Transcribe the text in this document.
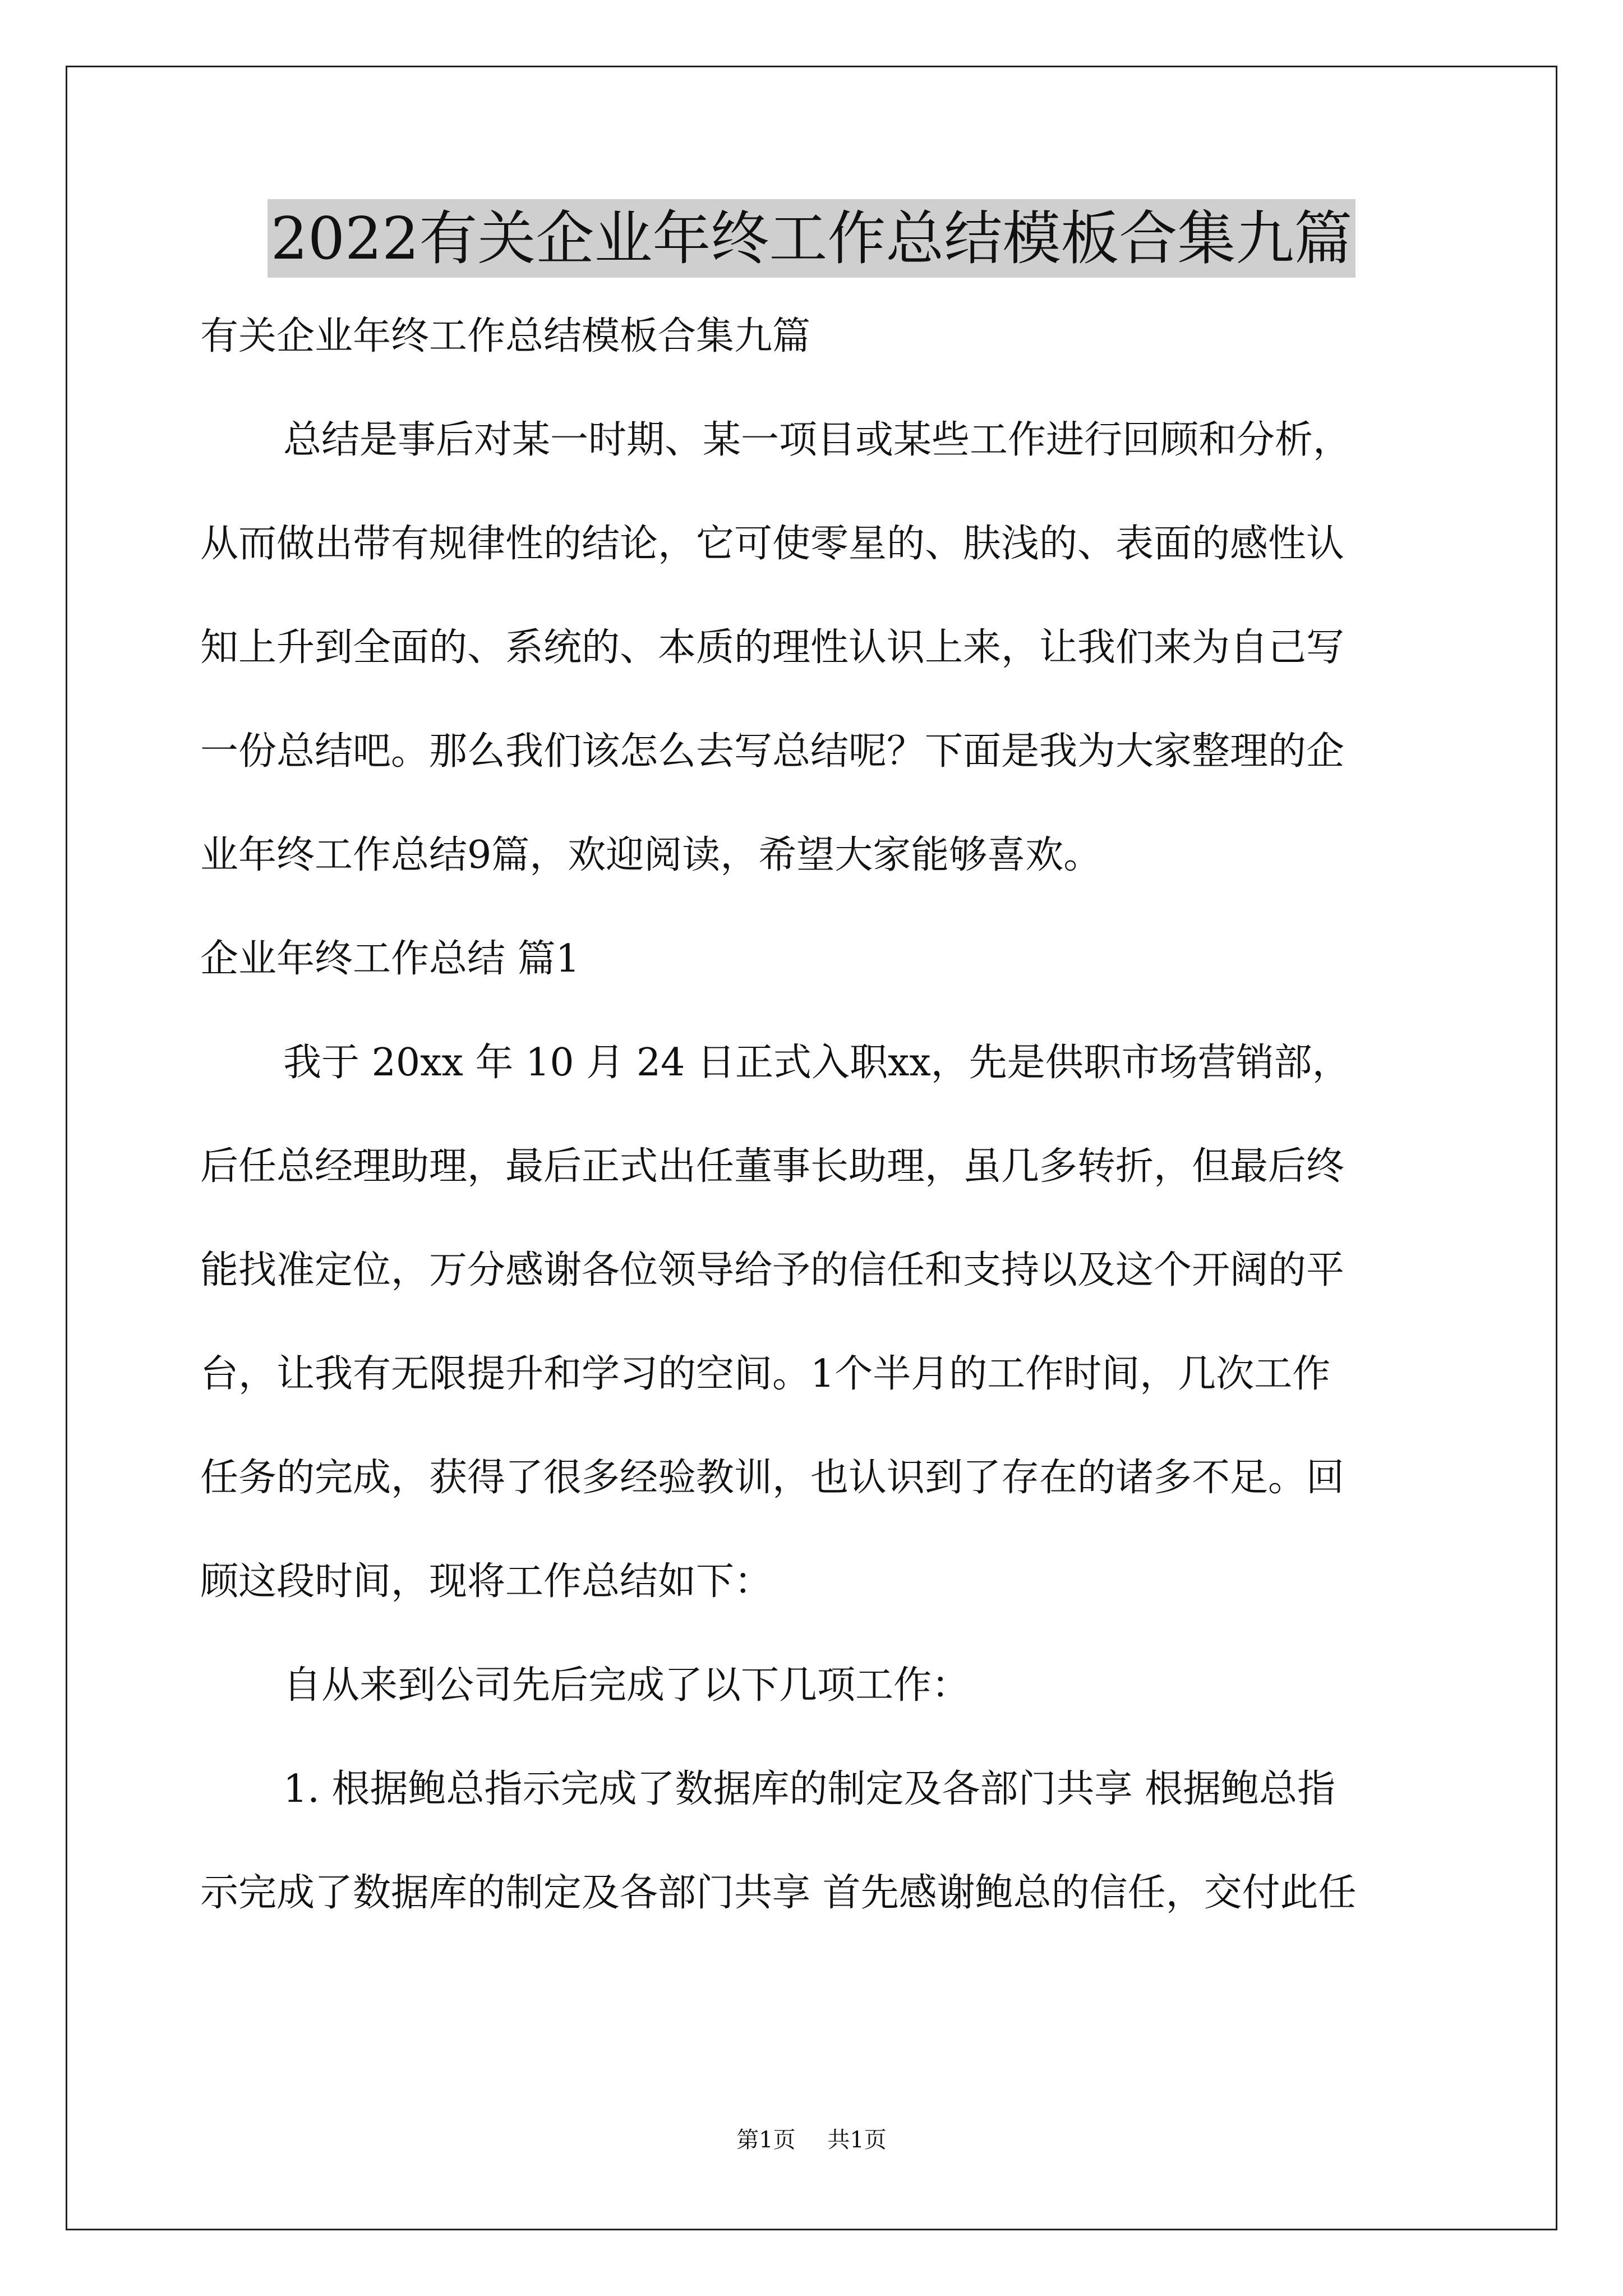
2022有关企业年终工作总结模板合集九篇
有关企业年终工作总结模板合集九篇
总结是事后对某一时期、某一项目或某些工作进行回顾和分析，
从而做出带有规律性的结论，它可使零星的、肤浅的、表面的感性认
知上升到全面的、系统的、本质的理性认识上来，让我们来为自己写
一份总结吧。那么我们该怎么去写总结呢？下面是我为大家整理的企
业年终工作总结9篇，欢迎阅读，希望大家能够喜欢。
企业年终工作总结 篇1
我于 20xx 年 10 月 24 日正式入职xx，先是供职市场营销部，
后任总经理助理，最后正式出任董事长助理，虽几多转折，但最后终
能找准定位，万分感谢各位领导给予的信任和支持以及这个开阔的平
台，让我有无限提升和学习的空间。1个半月的工作时间，几次工作
任务的完成，获得了很多经验教训，也认识到了存在的诸多不足。回
顾这段时间，现将工作总结如下：
自从来到公司先后完成了以下几项工作：
1. 根据鲍总指示完成了数据库的制定及各部门共享 根据鲍总指
示完成了数据库的制定及各部门共享 首先感谢鲍总的信任，交付此任
第1页 共1页
